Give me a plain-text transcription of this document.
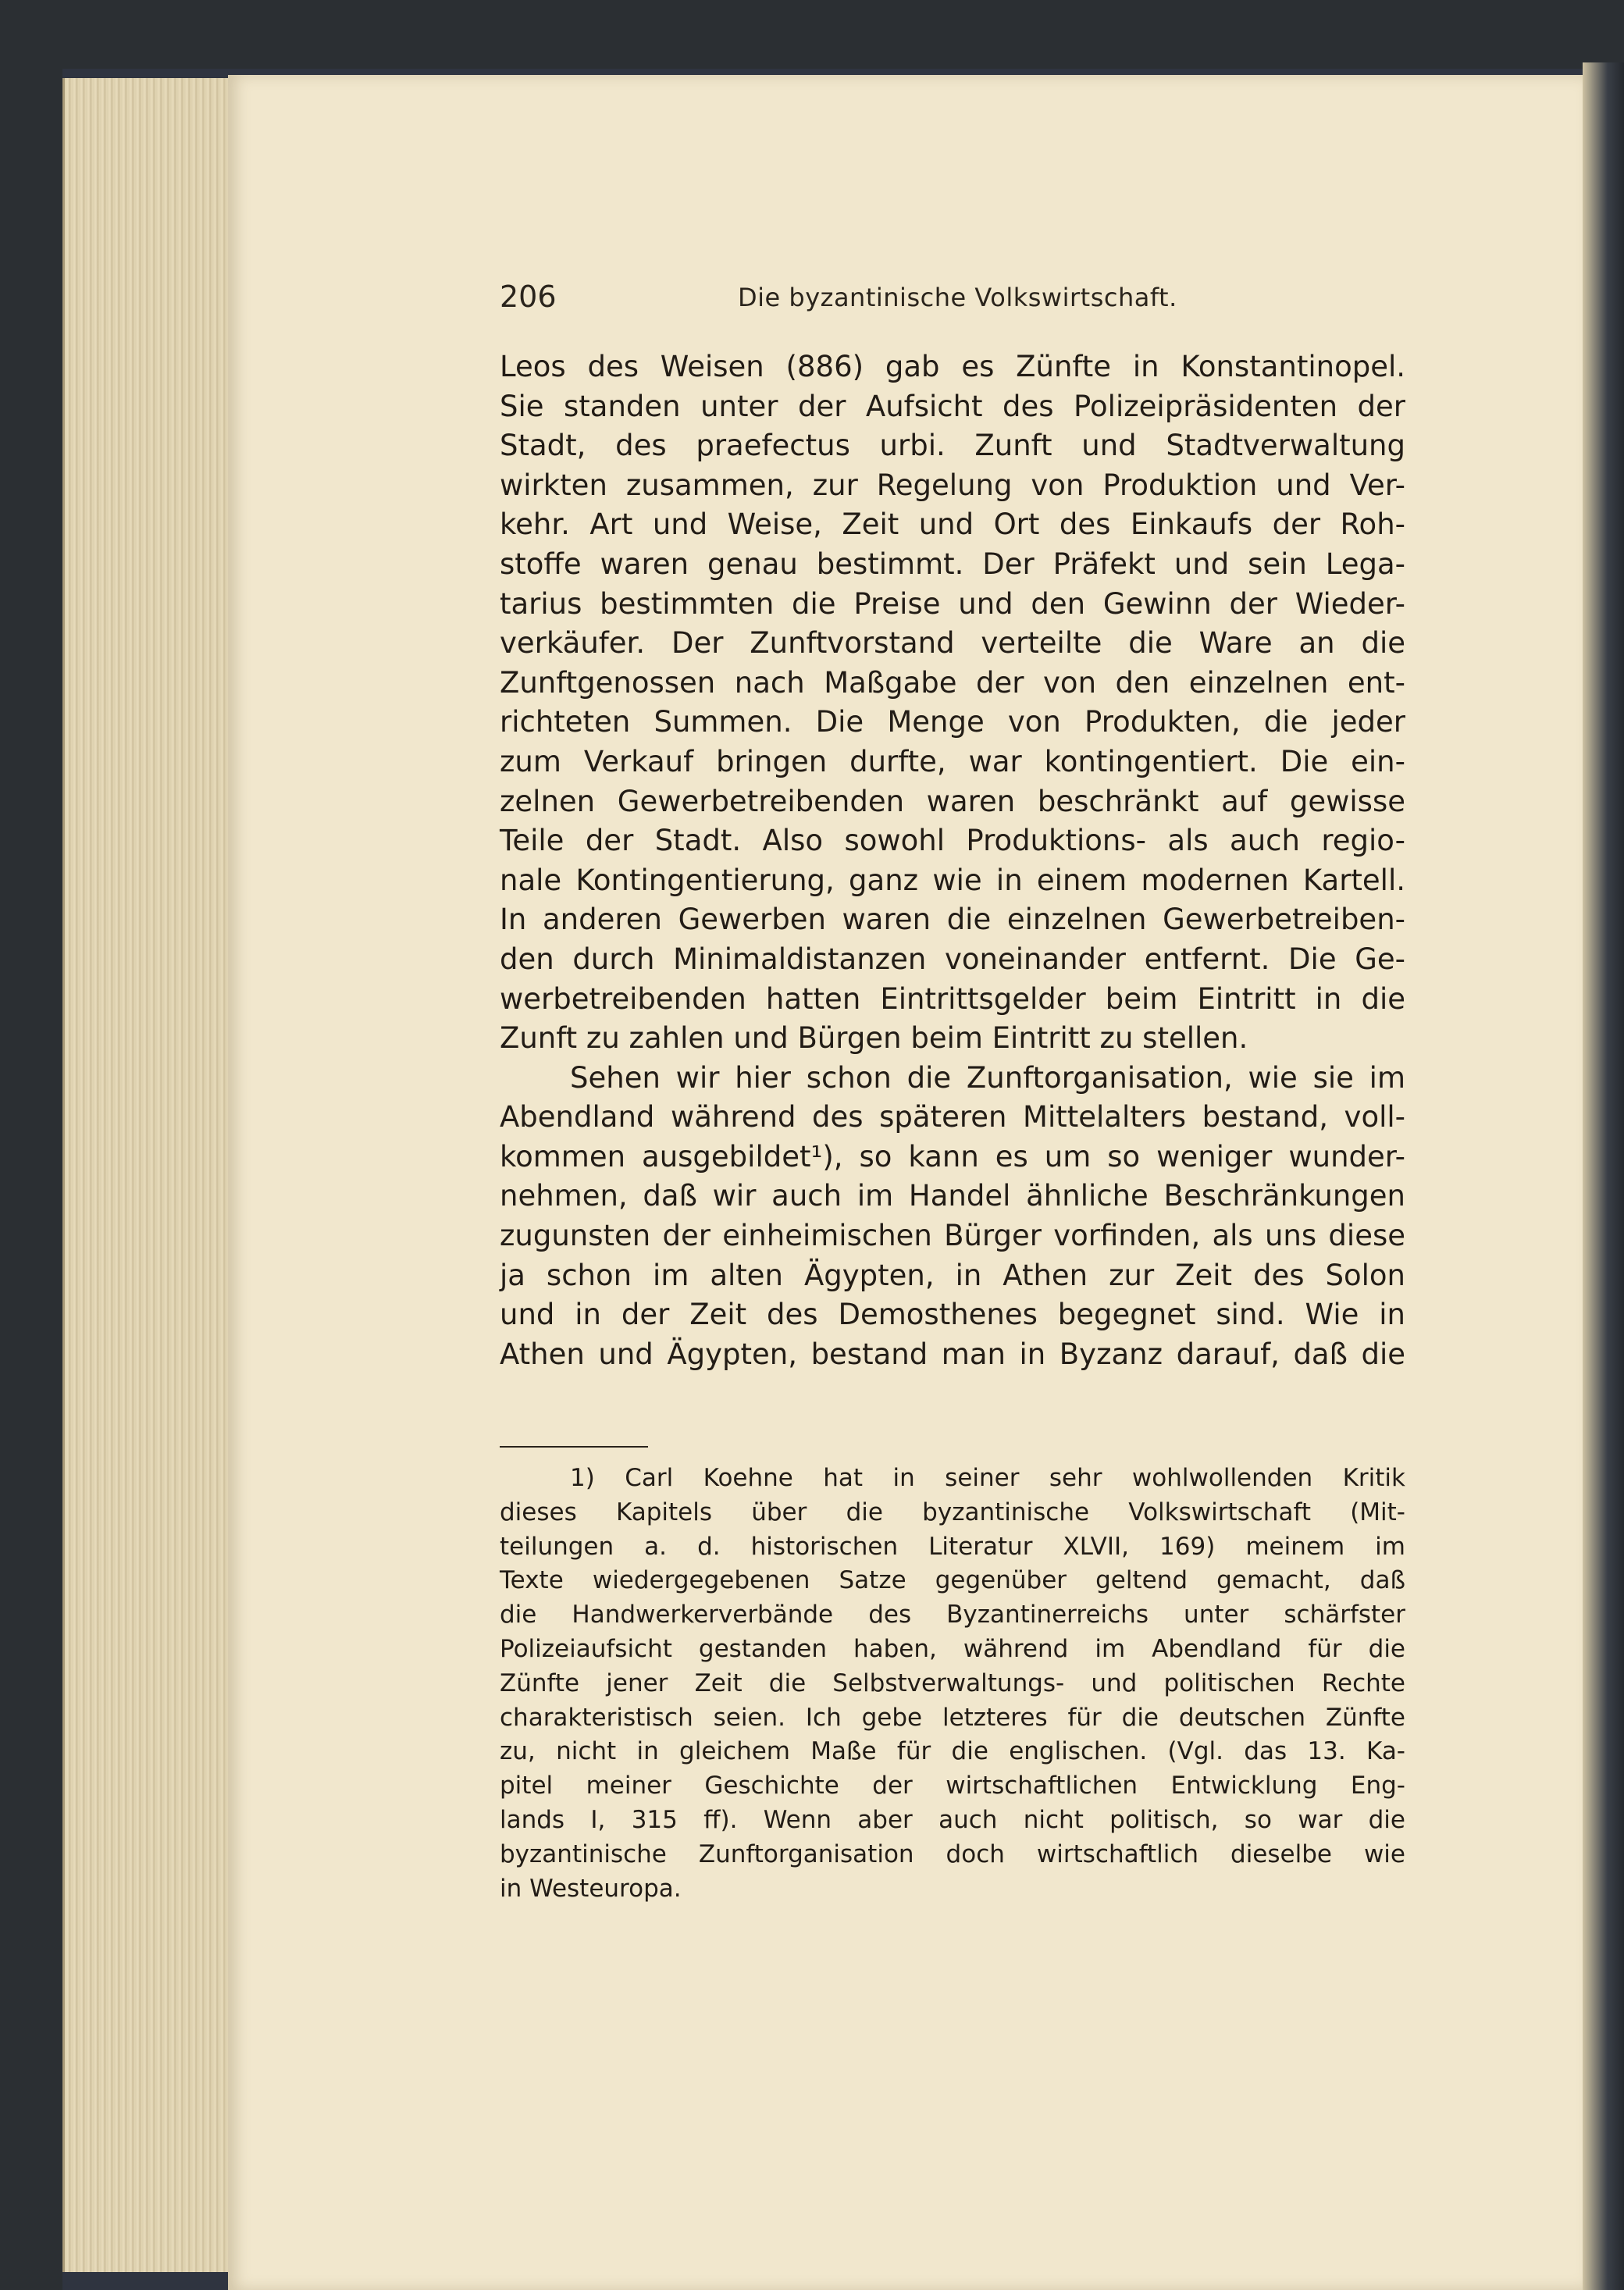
206	Die byzantinische Volkswirtschaft.
Leos des Weisen (886) gab es Zünfte in Konstantinopel.
Sie standen unter der Aufsicht des Polizeipräsidenten der
Stadt, des praefectus urbi. Zunft und Stadtverwaltung
wirkten zusammen, zur Regelung von Produktion und Ver-
kehr. Art und Weise, Zeit und Ort des Einkaufs der Roh-
stoffe waren genau bestimmt. Der Präfekt und sein Lega-
tarius bestimmten die Preise und den Gewinn der Wieder-
verkäufer. Der Zunftvorstand verteilte die Ware an die
Zunftgenossen nach Maßgabe der von den einzelnen ent-
richteten Summen. Die Menge von Produkten, die jeder
zum Verkauf bringen durfte, war kontingentiert. Die ein-
zelnen Gewerbetreibenden waren beschränkt auf gewisse
Teile der Stadt. Also sowohl Produktions- als auch regio-
nale Kontingentierung, ganz wie in einem modernen Kartell.
In anderen Gewerben waren die einzelnen Gewerbetreiben-
den durch Minimaldistanzen voneinander entfernt. Die Ge-
werbetreibenden hatten Eintrittsgelder beim Eintritt in die
Zunft zu zahlen und Bürgen beim Eintritt zu stellen.
Sehen wir hier schon die Zunftorganisation, wie sie im
Abendland während des späteren Mittelalters bestand, voll-
kommen ausgebildet¹), so kann es um so weniger wunder-
nehmen, daß wir auch im Handel ähnliche Beschränkungen
zugunsten der einheimischen Bürger vorfinden, als uns diese
ja schon im alten Ägypten, in Athen zur Zeit des Solon
und in der Zeit des Demosthenes begegnet sind. Wie in
Athen und Ägypten, bestand man in Byzanz darauf, daß die
1) Carl Koehne hat in seiner sehr wohlwollenden Kritik
dieses Kapitels über die byzantinische Volkswirtschaft (Mit-
teilungen a. d. historischen Literatur XLVII, 169) meinem im
Texte wiedergegebenen Satze gegenüber geltend gemacht, daß
die Handwerkerverbände des Byzantinerreichs unter schärfster
Polizeiaufsicht gestanden haben, während im Abendland für die
Zünfte jener Zeit die Selbstverwaltungs- und politischen Rechte
charakteristisch seien. Ich gebe letzteres für die deutschen Zünfte
zu, nicht in gleichem Maße für die englischen. (Vgl. das 13. Ka-
pitel meiner Geschichte der wirtschaftlichen Entwicklung Eng-
lands I, 315 ff). Wenn aber auch nicht politisch, so war die
byzantinische Zunftorganisation doch wirtschaftlich dieselbe wie
in Westeuropa.
